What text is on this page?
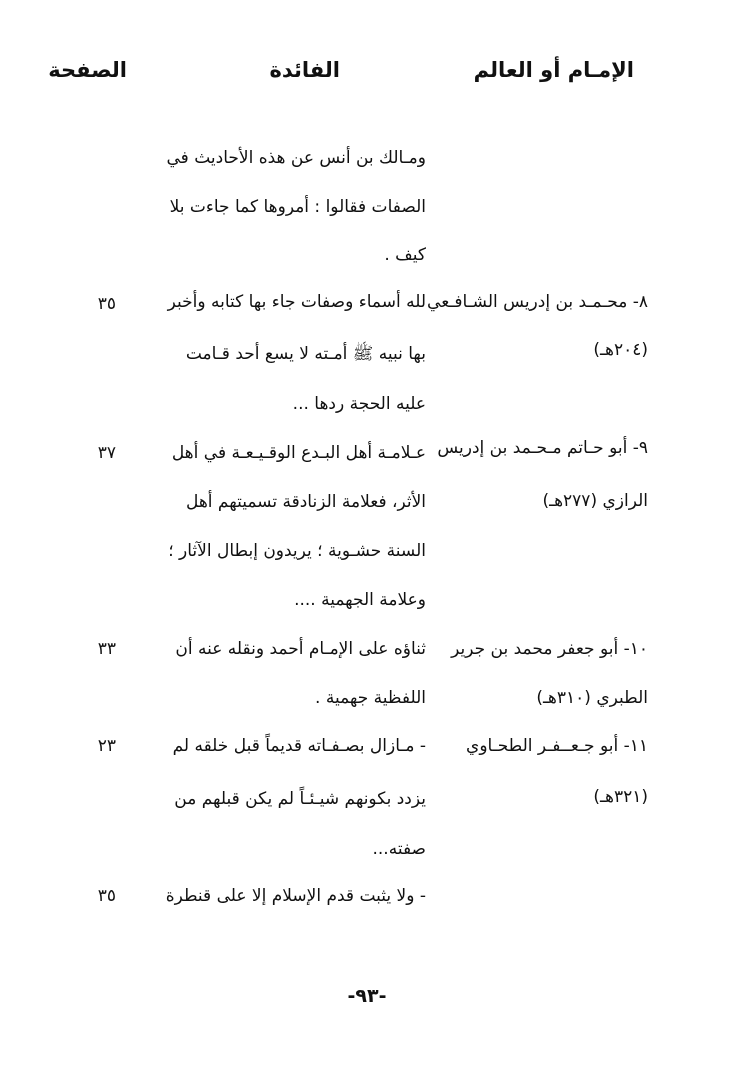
الإمـام أو العالم
الفائدة
الصفحة
ومـالك بن أنس عن هذه الأحاديث في
الصفات فقالوا : أمروها كما جاءت بلا
كيف .
٨- محـمـد بن إدريس الشـافـعي
(٢٠٤هـ)
لله أسماء وصفات جاء بها كتابه وأخبر
بها نبيه ﷺ أمـته لا يسع أحد قـامت
عليه الحجة ردها ...
٣٥
٩- أبو حـاتم مـحـمد بن إدريس
الرازي (٢٧٧هـ)
عـلامـة أهل البـدع الوقـيـعـة في أهل
الأثر، فعلامة الزنادقة تسميتهم أهل
السنة حشـوية ؛ يريدون إبطال الآثار ؛
وعلامة الجهمية ....
٣٧
١٠- أبو جعفر محمد بن جرير
الطبري (٣١٠هـ)
ثناؤه على الإمـام أحمد ونقله عنه أن
اللفظية جهمية .
٣٣
١١- أبو جـعــفـر الطحـاوي
(٣٢١هـ)
- مـازال بصـفـاته قديماً قبل خلقه لم
يزدد بكونهم شيـئـاً لم يكن قبلهم من
صفته...
٢٣
- ولا يثبت قدم الإسلام إلا على قنطرة
٣٥
-٩٣-
